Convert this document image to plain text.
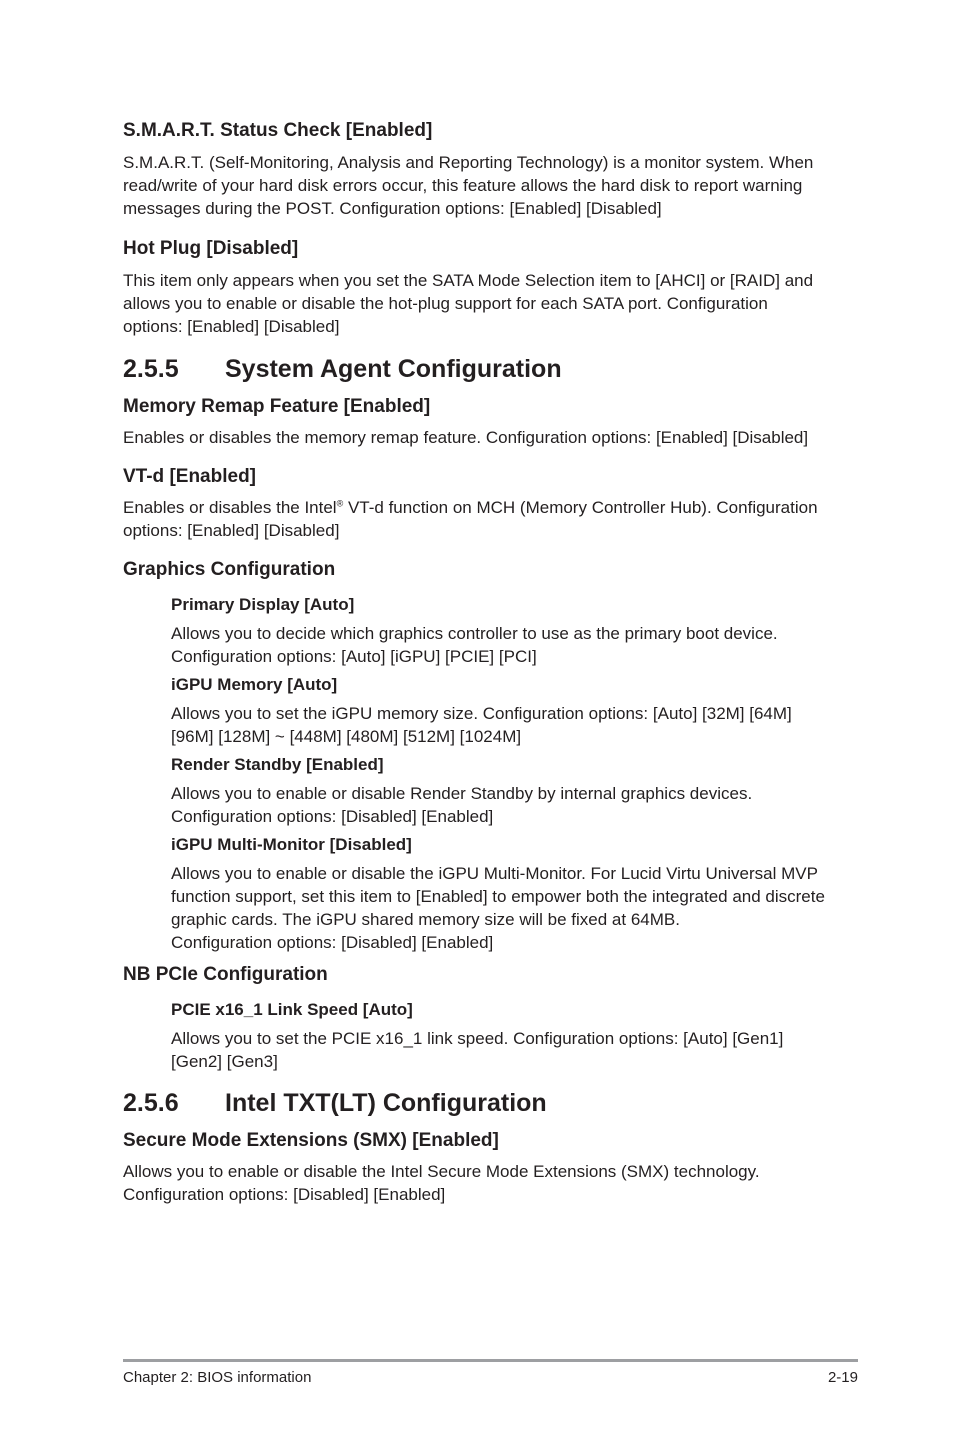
S.M.A.R.T. Status Check [Enabled]

S.M.A.R.T. (Self-Monitoring, Analysis and Reporting Technology) is a monitor system. When read/write of your hard disk errors occur, this feature allows the hard disk to report warning messages during the POST. Configuration options: [Enabled] [Disabled]

Hot Plug [Disabled]

This item only appears when you set the SATA Mode Selection item to [AHCI] or [RAID] and allows you to enable or disable the hot-plug support for each SATA port. Configuration options: [Enabled] [Disabled]

2.5.5	System Agent Configuration

Memory Remap Feature [Enabled]

Enables or disables the memory remap feature. Configuration options: [Enabled] [Disabled]

VT-d [Enabled]

Enables or disables the Intel® VT-d function on MCH (Memory Controller Hub). Configuration options: [Enabled] [Disabled]

Graphics Configuration

Primary Display [Auto]

Allows you to decide which graphics controller to use as the primary boot device.

Configuration options: [Auto] [iGPU] [PCIE] [PCI]

iGPU Memory [Auto]

Allows you to set the iGPU memory size. Configuration options: [Auto] [32M] [64M]

[96M] [128M] ~ [448M] [480M] [512M] [1024M]

Render Standby [Enabled]

Allows you to enable or disable Render Standby by internal graphics devices.

Configuration options: [Disabled] [Enabled]

iGPU Multi-Monitor [Disabled]

Allows you to enable or disable the iGPU Multi-Monitor. For Lucid Virtu Universal MVP

function support, set this item to [Enabled] to empower both the integrated and discrete

graphic cards. The iGPU shared memory size will be fixed at 64MB.

Configuration options: [Disabled] [Enabled]

NB PCIe Configuration

PCIE x16_1 Link Speed [Auto]

Allows you to set the PCIE x16_1 link speed. Configuration options: [Auto] [Gen1]

[Gen2] [Gen3]

2.5.6	Intel TXT(LT) Configuration

Secure Mode Extensions (SMX) [Enabled]

Allows you to enable or disable the Intel Secure Mode Extensions (SMX) technology.

Configuration options: [Disabled] [Enabled]

Chapter 2: BIOS information	2-19
